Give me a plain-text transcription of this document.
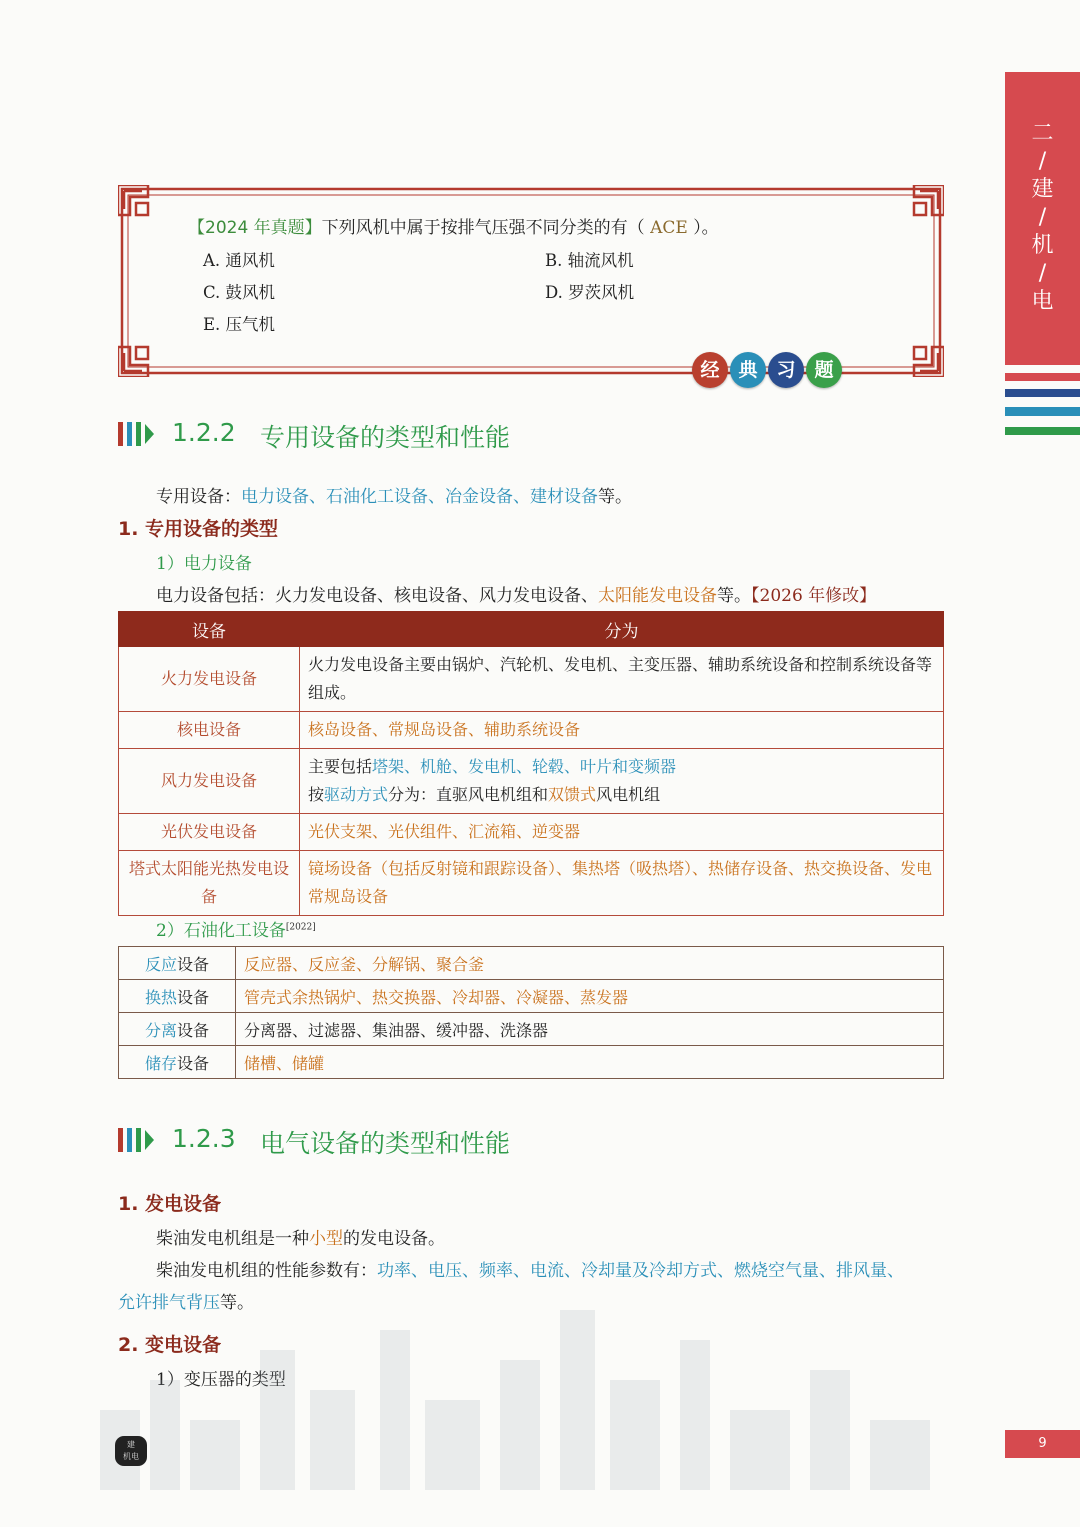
二
/
建
/
机
/
电
【2024 年真题】下列风机中属于按排气压强不同分类的有（ ACE ）。
A. 通风机	B. 轴流风机
C. 鼓风机	D. 罗茨风机
E. 压气机
经 典 习 题
1.2.2 专用设备的类型和性能
专用设备：电力设备、石油化工设备、冶金设备、建材设备等。
1. 专用设备的类型
1）电力设备
电力设备包括：火力发电设备、核电设备、风力发电设备、太阳能发电设备等。【2026 年修改】
设备	分为
火力发电设备	火力发电设备主要由锅炉、汽轮机、发电机、主变压器、辅助系统设备和控制系统设备等组成。
核电设备	核岛设备、常规岛设备、辅助系统设备
风力发电设备	主要包括塔架、机舱、发电机、轮毂、叶片和变频器
按驱动方式分为：直驱风电机组和双馈式风电机组

光伏发电设备	光伏支架、光伏组件、汇流箱、逆变器
塔式太阳能光热发电设备	镜场设备（包括反射镜和跟踪设备）、集热塔（吸热塔）、热储存设备、热交换设备、发电常规岛设备
2）石油化工设备[2022]
反应设备	反应器、反应釜、分解锅、聚合釜
换热设备	管壳式余热锅炉、热交换器、冷却器、冷凝器、蒸发器
分离设备	分离器、过滤器、集油器、缓冲器、洗涤器
储存设备	储槽、储罐
1.2.3 电气设备的类型和性能
1. 发电设备
柴油发电机组是一种小型的发电设备。
柴油发电机组的性能参数有：功率、电压、频率、电流、冷却量及冷却方式、燃烧空气量、排风量、
允许排气背压等。
2. 变电设备
1）变压器的类型
建
机电
9
